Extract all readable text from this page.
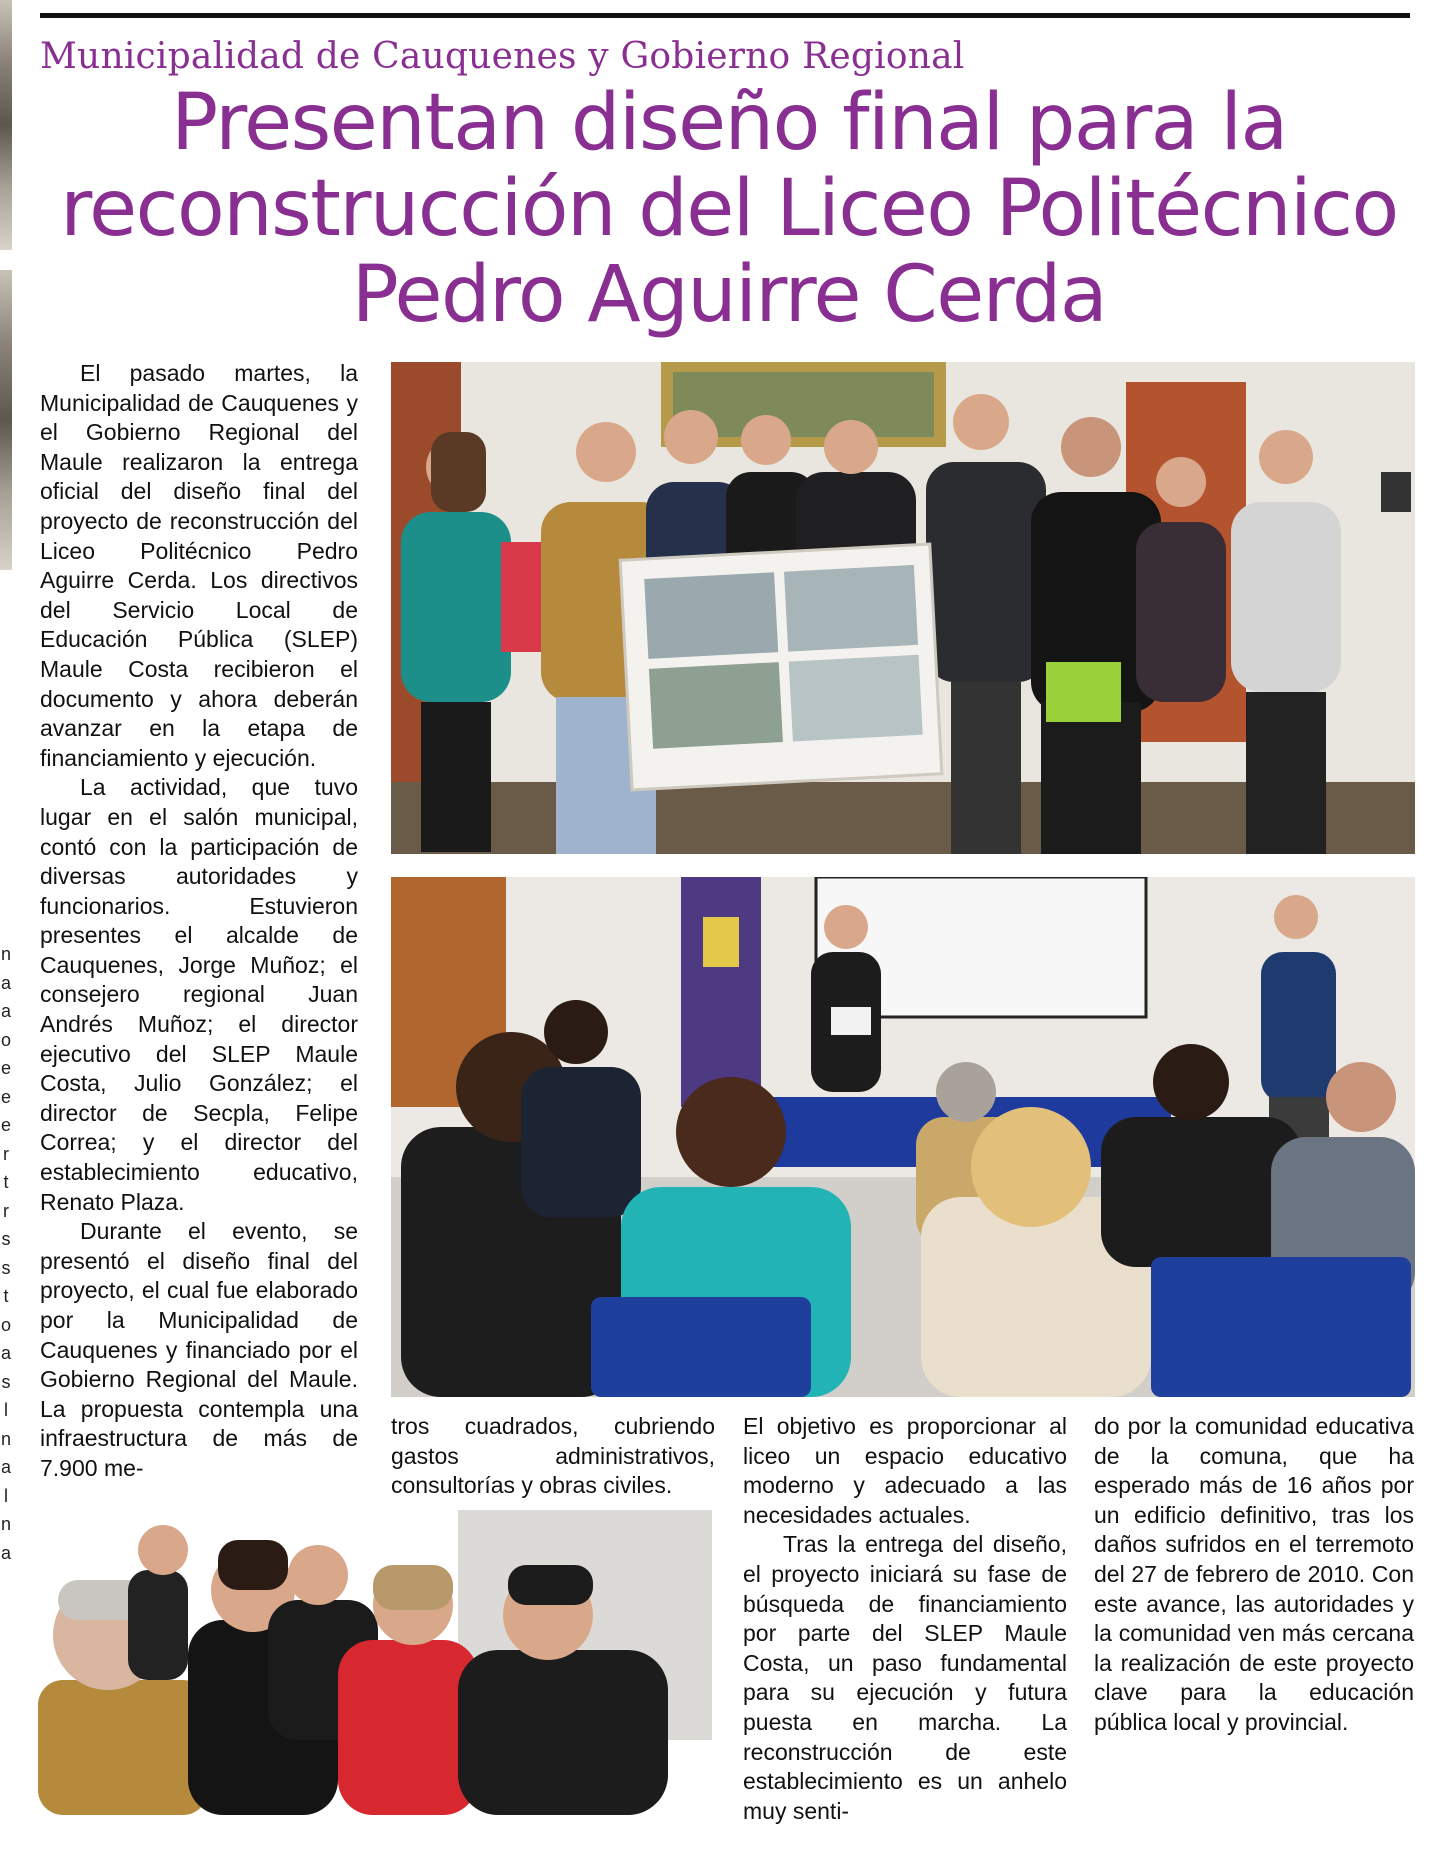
n
a
a
o
e
e
e
r
t
r
s
s
t
o
a
s
l
n
a
l
n
a
Municipalidad de Cauquenes y Gobierno Regional
Presentan diseño final para la
reconstrucción del Liceo Politécnico
Pedro Aguirre Cerda

El pasado martes, la Municipalidad de Cauquenes y el Gobierno Regional del Maule realizaron la entrega oficial del diseño final del proyecto de reconstrucción del Liceo Politécnico Pedro Aguirre Cerda. Los directivos del Servicio Local de Educación Pública (SLEP) Maule Costa recibieron el documento y ahora deberán avanzar en la etapa de financiamiento y ejecución.

La actividad, que tuvo lugar en el salón municipal, contó con la participación de diversas autoridades y funcionarios. Estuvieron presentes el alcalde de Cauquenes, Jorge Muñoz; el consejero regional Juan Andrés Muñoz; el director ejecutivo del SLEP Maule Costa, Julio González; el director de Secpla, Felipe Correa; y el director del establecimiento educativo, Renato Plaza.

Durante el evento, se presentó el diseño final del proyecto, el cual fue elaborado por la Municipalidad de Cauquenes y financiado por el Gobierno Regional del Maule. La propuesta contempla una infraestructura de más de 7.900 me-

tros cuadrados, cubriendo gastos administrativos, consultorías y obras civiles.

El objetivo es proporcionar al liceo un espacio educativo moderno y adecuado a las necesidades actuales.

Tras la entrega del diseño, el proyecto iniciará su fase de búsqueda de financiamiento por parte del SLEP Maule Costa, un paso fundamental para su ejecución y futura puesta en marcha. La reconstrucción de este establecimiento es un anhelo muy senti-

do por la comunidad educativa de la comuna, que ha esperado más de 16 años por un edificio definitivo, tras los daños sufridos en el terremoto del 27 de febrero de 2010. Con este avance, las autoridades y la comunidad ven más cercana la realización de este proyecto clave para la educación pública local y provincial.
